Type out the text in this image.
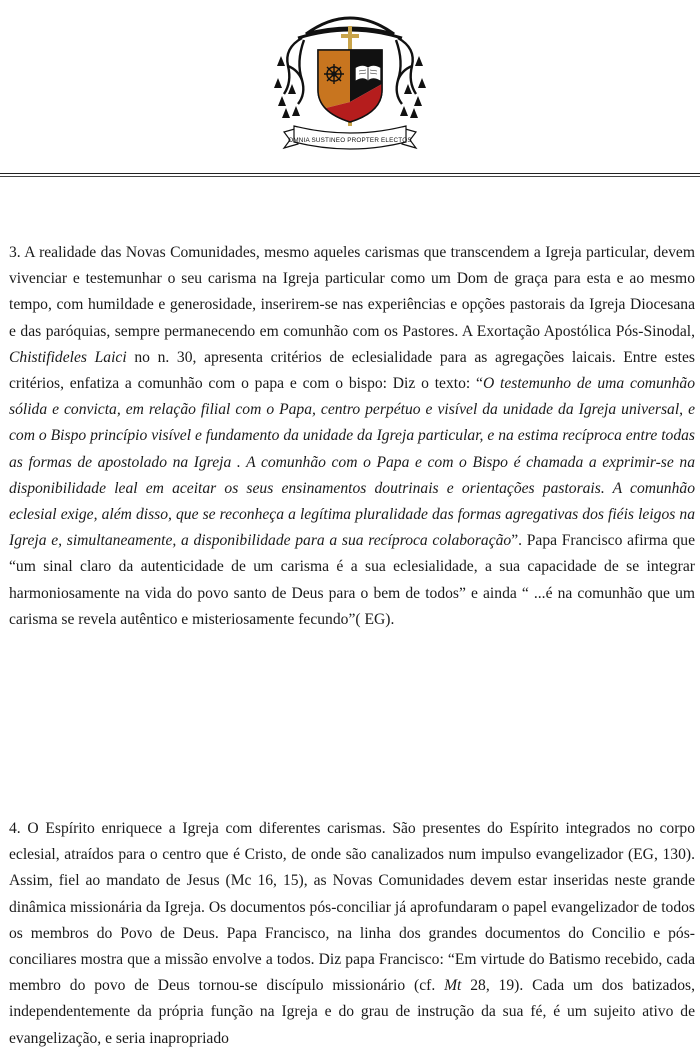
OMNIA SUSTINEO PROPTER ELECTOS

3. A realidade das Novas Comunidades, mesmo aqueles carismas que transcendem a Igreja particular, devem vivenciar e testemunhar o seu carisma na Igreja particular como um Dom de graça para esta e ao mesmo tempo, com humildade e generosidade, inserirem-se nas experiências e opções pastorais da Igreja Diocesana e das paróquias, sempre permanecendo em comunhão com os Pastores. A Exortação Apostólica Pós-Sinodal, Chistifideles Laici no n. 30, apresenta critérios de eclesialidade para as agregações laicais. Entre estes critérios, enfatiza a comunhão com o papa e com o bispo: Diz o texto: “O testemunho de uma comunhão sólida e convicta, em relação filial com o Papa, centro perpétuo e visível da unidade da Igreja universal, e com o Bispo princípio visível e fundamento da unidade da Igreja particular, e na estima recíproca entre todas as formas de apostolado na Igreja . A comunhão com o Papa e com o Bispo é chamada a exprimir-se na disponibilidade leal em aceitar os seus ensinamentos doutrinais e orientações pastorais. A comunhão eclesial exige, além disso, que se reconheça a legítima pluralidade das formas agregativas dos fiéis leigos na Igreja e, simultaneamente, a disponibilidade para a sua recíproca colaboração”. Papa Francisco afirma que “um sinal claro da autenticidade de um carisma é a sua eclesialidade, a sua capacidade de se integrar harmoniosamente na vida do povo santo de Deus para o bem de todos” e ainda “ ...é na comunhão que um carisma se revela autêntico e misteriosamente fecundo”( EG).

4. O Espírito enriquece a Igreja com diferentes carismas. São presentes do Espírito integrados no corpo eclesial, atraídos para o centro que é Cristo, de onde são canalizados num impulso evangelizador (EG, 130). Assim, fiel ao mandato de Jesus (Mc 16, 15), as Novas Comunidades devem estar inseridas neste grande dinâmica missionária da Igreja. Os documentos pós-conciliar já aprofundaram o papel evangelizador de todos os membros do Povo de Deus. Papa Francisco, na linha dos grandes documentos do Concilio e pós-conciliares mostra que a missão envolve a todos. Diz papa Francisco: “Em virtude do Batismo recebido, cada membro do povo de Deus tornou-se discípulo missionário (cf. Mt 28, 19). Cada um dos batizados, independentemente da própria função na Igreja e do grau de instrução da sua fé, é um sujeito ativo de evangelização, e seria inapropriado
